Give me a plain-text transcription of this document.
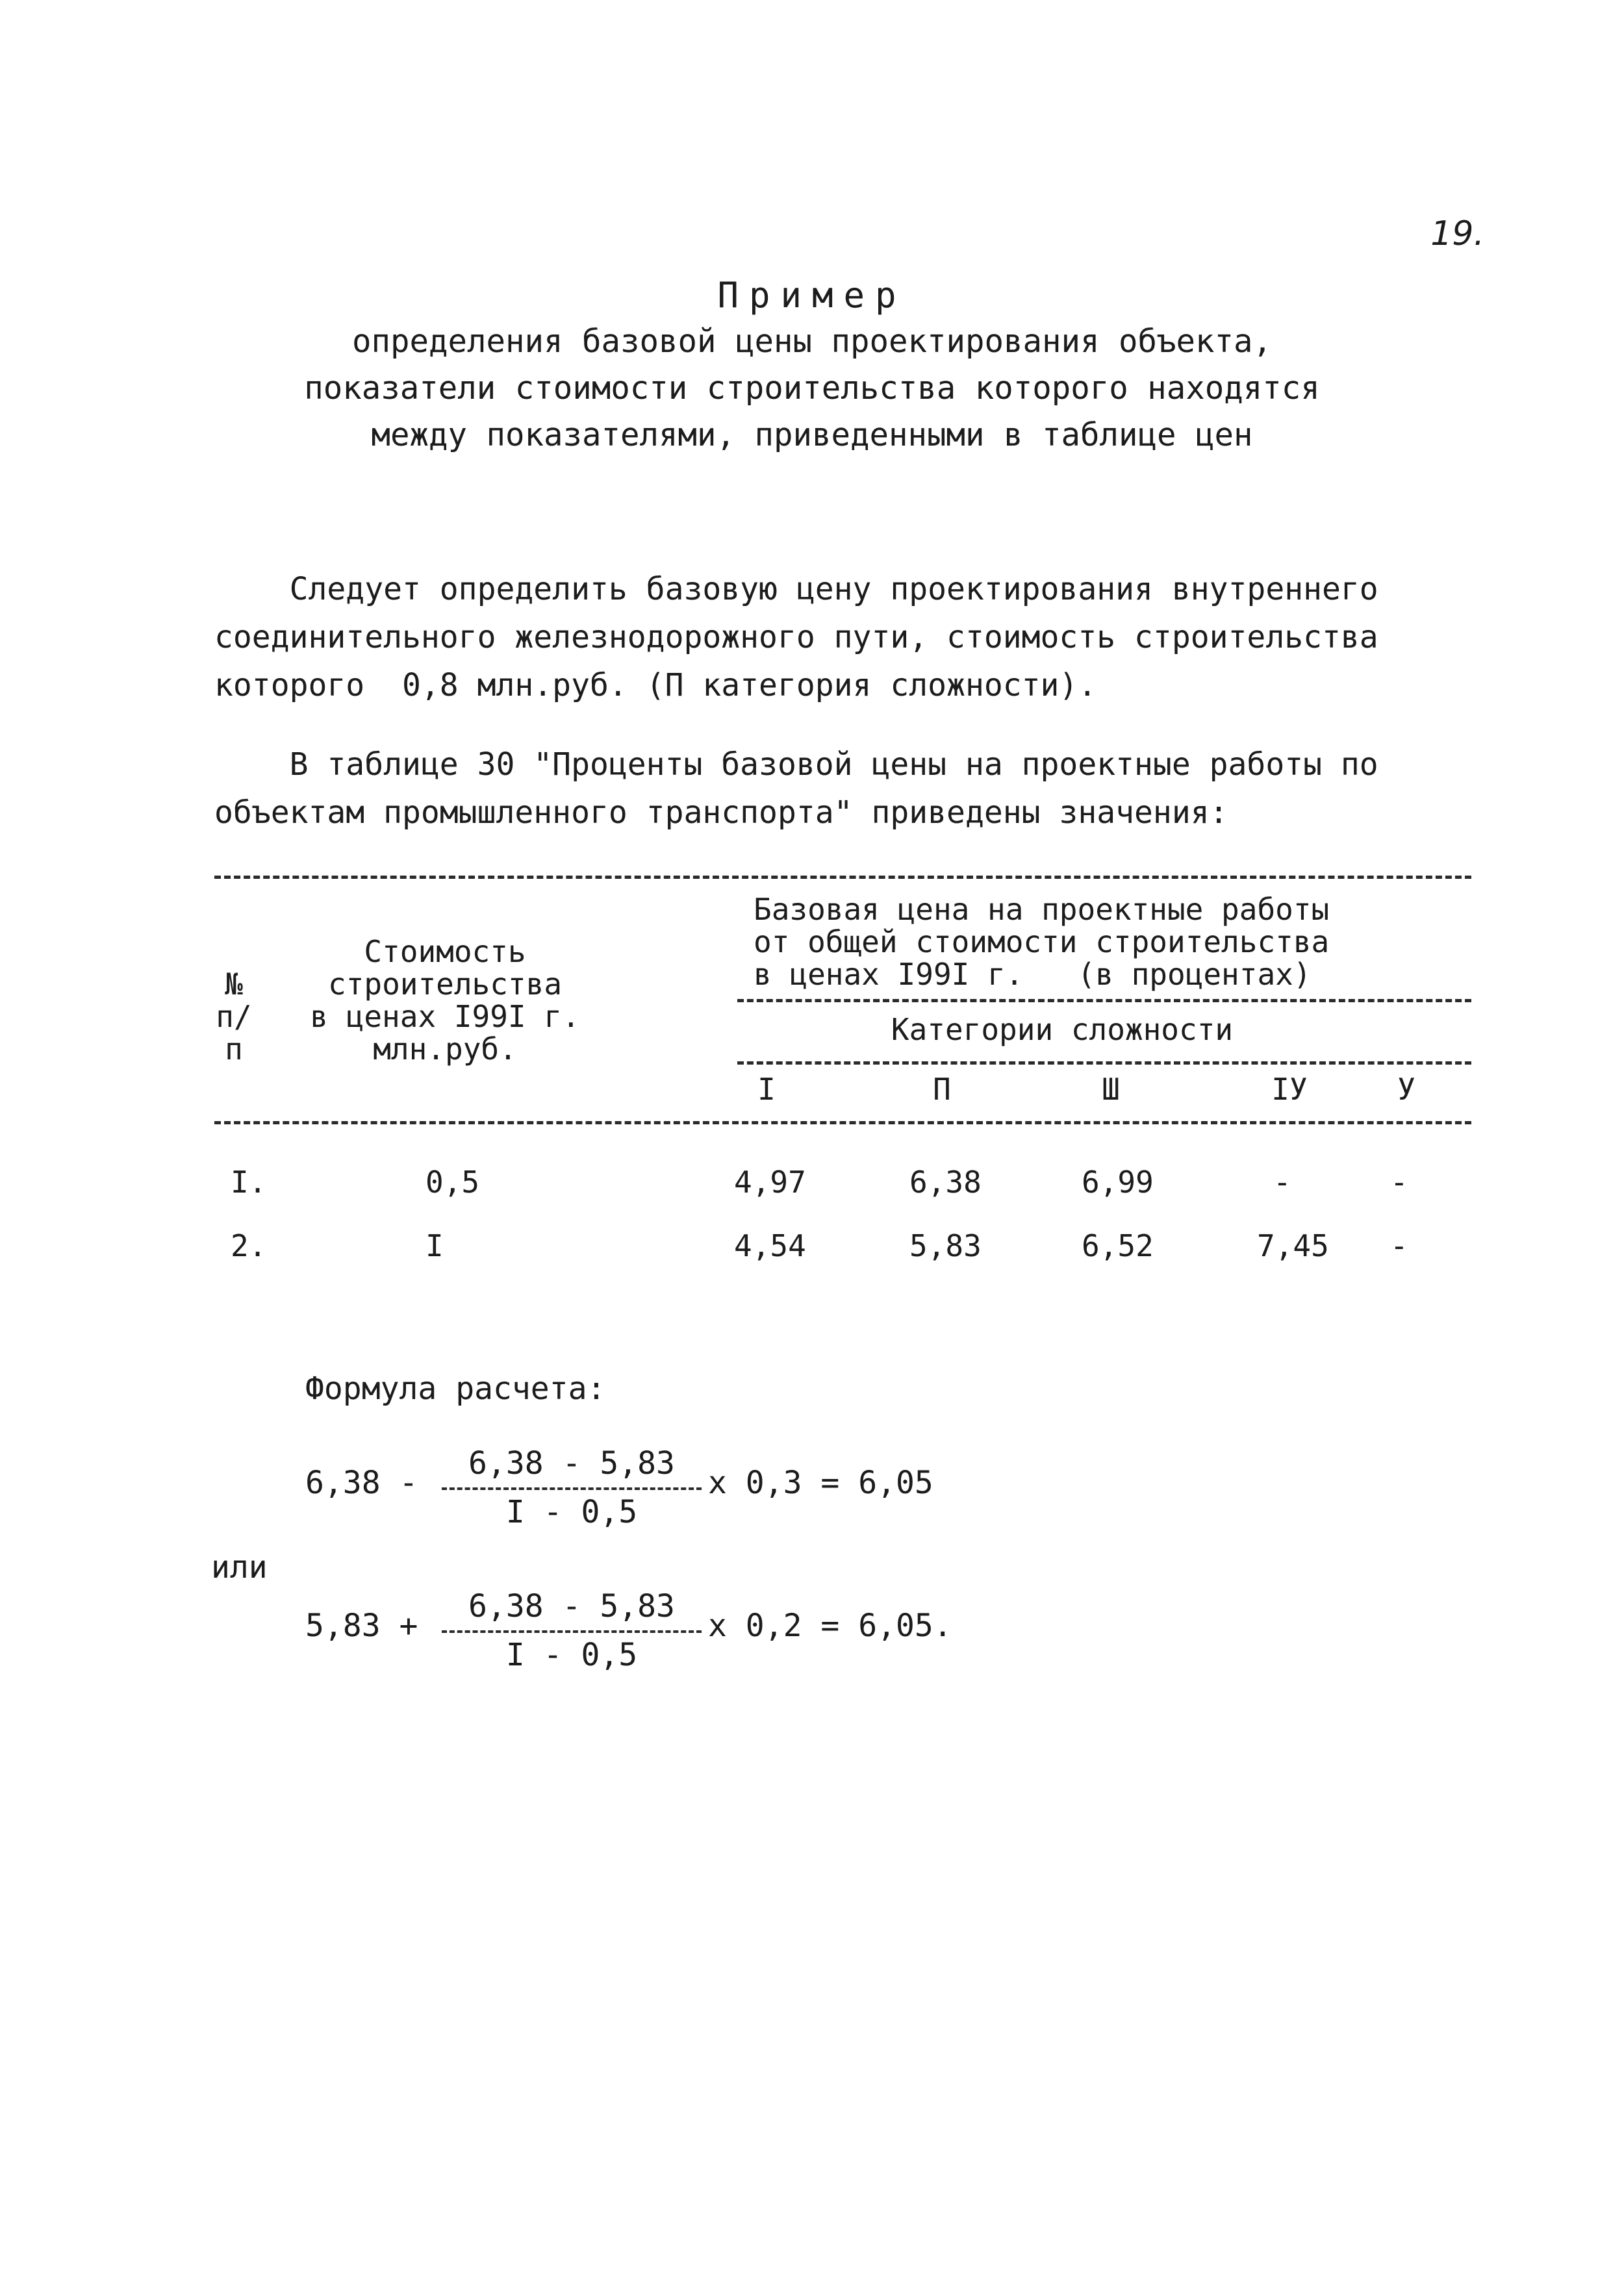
19.
Пример
определения базовой цены проектирования объекта,
показатели стоимости строительства которого находятся
между показателями, приведенными в таблице цен
Следует определить базовую цену проектирования внутреннего
соединительного железнодорожного пути, стоимость строительства
которого  0,8 млн.руб. (П категория сложности).
В таблице 30 "Проценты базовой цены на проектные работы по
объектам промышленного транспорта" приведены значения:
№
п/п
Стоимость
строительства
в ценах I99I г.
млн.руб.
Базовая цена на проектные работы
от общей стоимости строительства
в ценах I99I г.   (в процентах)
Категории сложности
I	П	Ш	IУ	У
I.	0,5	4,97	6,38	6,99	-	-
2.	I	4,54	5,83	6,52	7,45 -
Формула расчета:
6,38 -
6,38 - 5,83
I - 0,5
x 0,3 = 6,05
или
5,83 +
6,38 - 5,83
I - 0,5
x 0,2 = 6,05.
